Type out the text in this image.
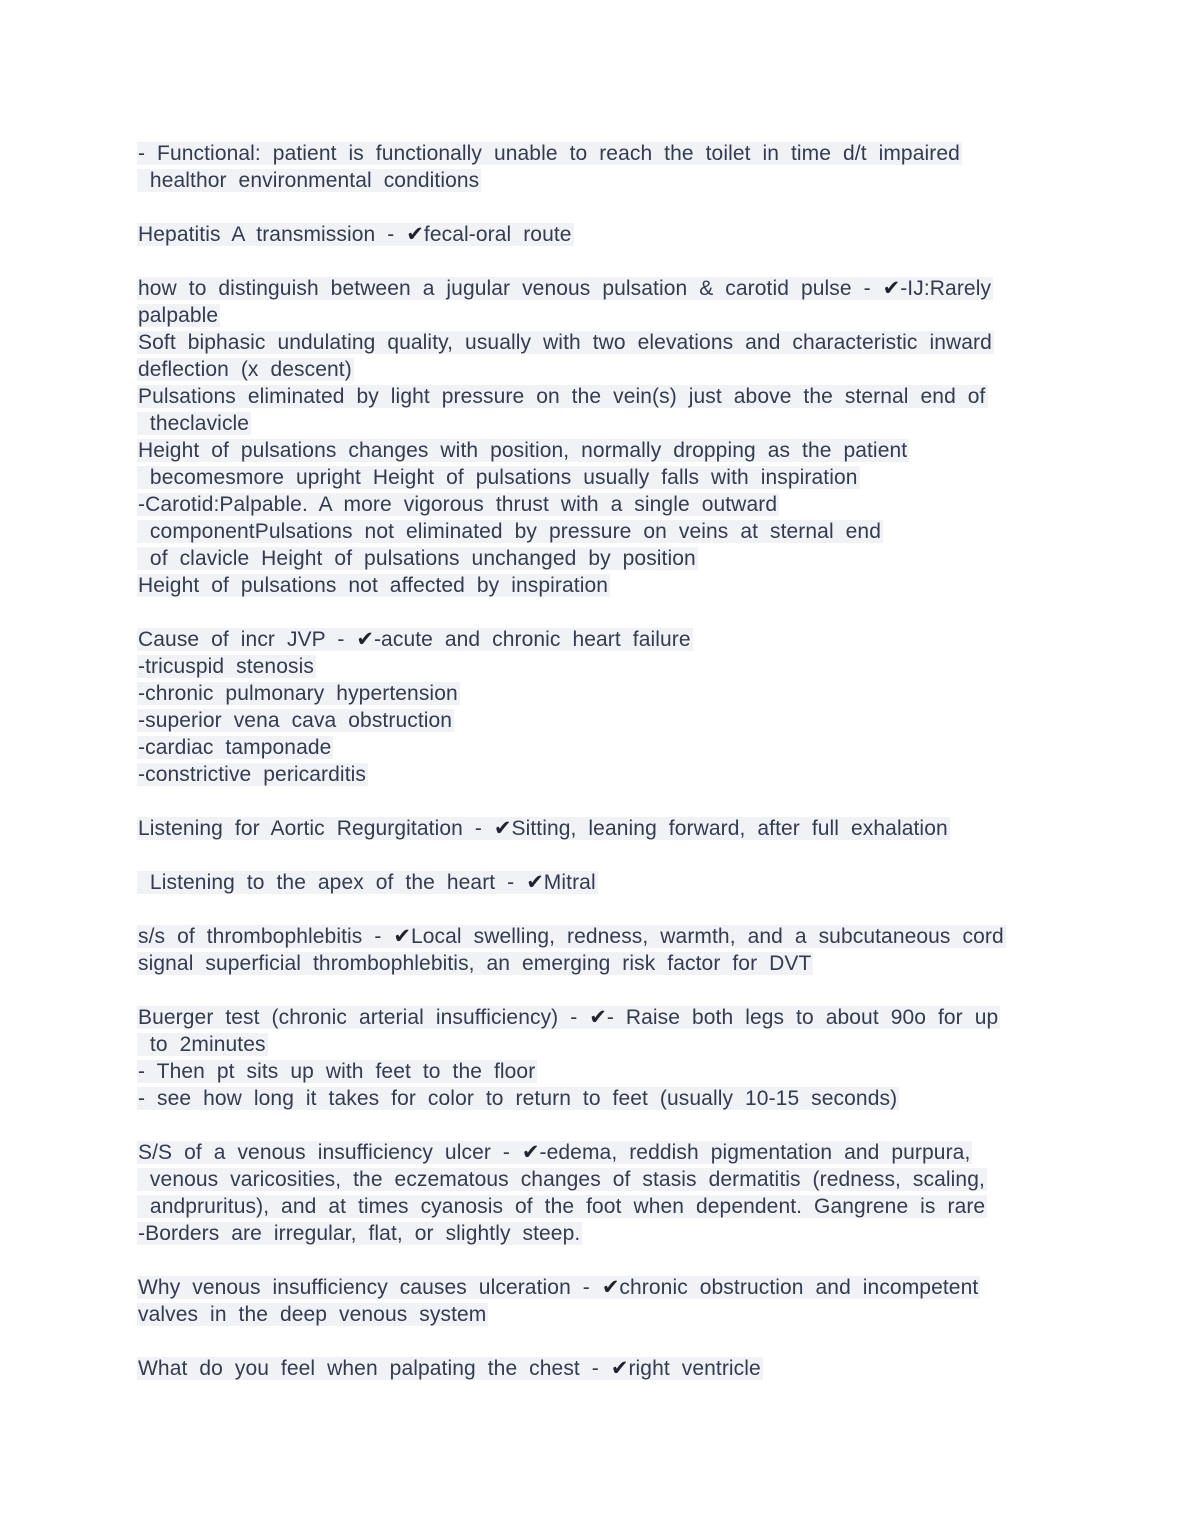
- Functional: patient is functionally unable to reach the toilet in time d/t impaired
healthor environmental conditions
Hepatitis A transmission - ✔fecal-oral route
how to distinguish between a jugular venous pulsation & carotid pulse - ✔-IJ:Rarely
palpable
Soft biphasic undulating quality, usually with two elevations and characteristic inward
deflection (x descent)
Pulsations eliminated by light pressure on the vein(s) just above the sternal end of
theclavicle
Height of pulsations changes with position, normally dropping as the patient
becomesmore upright Height of pulsations usually falls with inspiration
-Carotid:Palpable. A more vigorous thrust with a single outward
componentPulsations not eliminated by pressure on veins at sternal end
of clavicle Height of pulsations unchanged by position
Height of pulsations not affected by inspiration
Cause of incr JVP - ✔-acute and chronic heart failure
-tricuspid stenosis
-chronic pulmonary hypertension
-superior vena cava obstruction
-cardiac tamponade
-constrictive pericarditis
Listening for Aortic Regurgitation - ✔Sitting, leaning forward, after full exhalation
Listening to the apex of the heart - ✔Mitral
s/s of thrombophlebitis - ✔Local swelling, redness, warmth, and a subcutaneous cord
signal superficial thrombophlebitis, an emerging risk factor for DVT
Buerger test (chronic arterial insufficiency) - ✔- Raise both legs to about 90o for up
to 2minutes
- Then pt sits up with feet to the floor
- see how long it takes for color to return to feet (usually 10-15 seconds)
S/S of a venous insufficiency ulcer - ✔-edema, reddish pigmentation and purpura,
venous varicosities, the eczematous changes of stasis dermatitis (redness, scaling,
andpruritus), and at times cyanosis of the foot when dependent. Gangrene is rare
-Borders are irregular, flat, or slightly steep.
Why venous insufficiency causes ulceration - ✔chronic obstruction and incompetent
valves in the deep venous system
What do you feel when palpating the chest - ✔right ventricle
